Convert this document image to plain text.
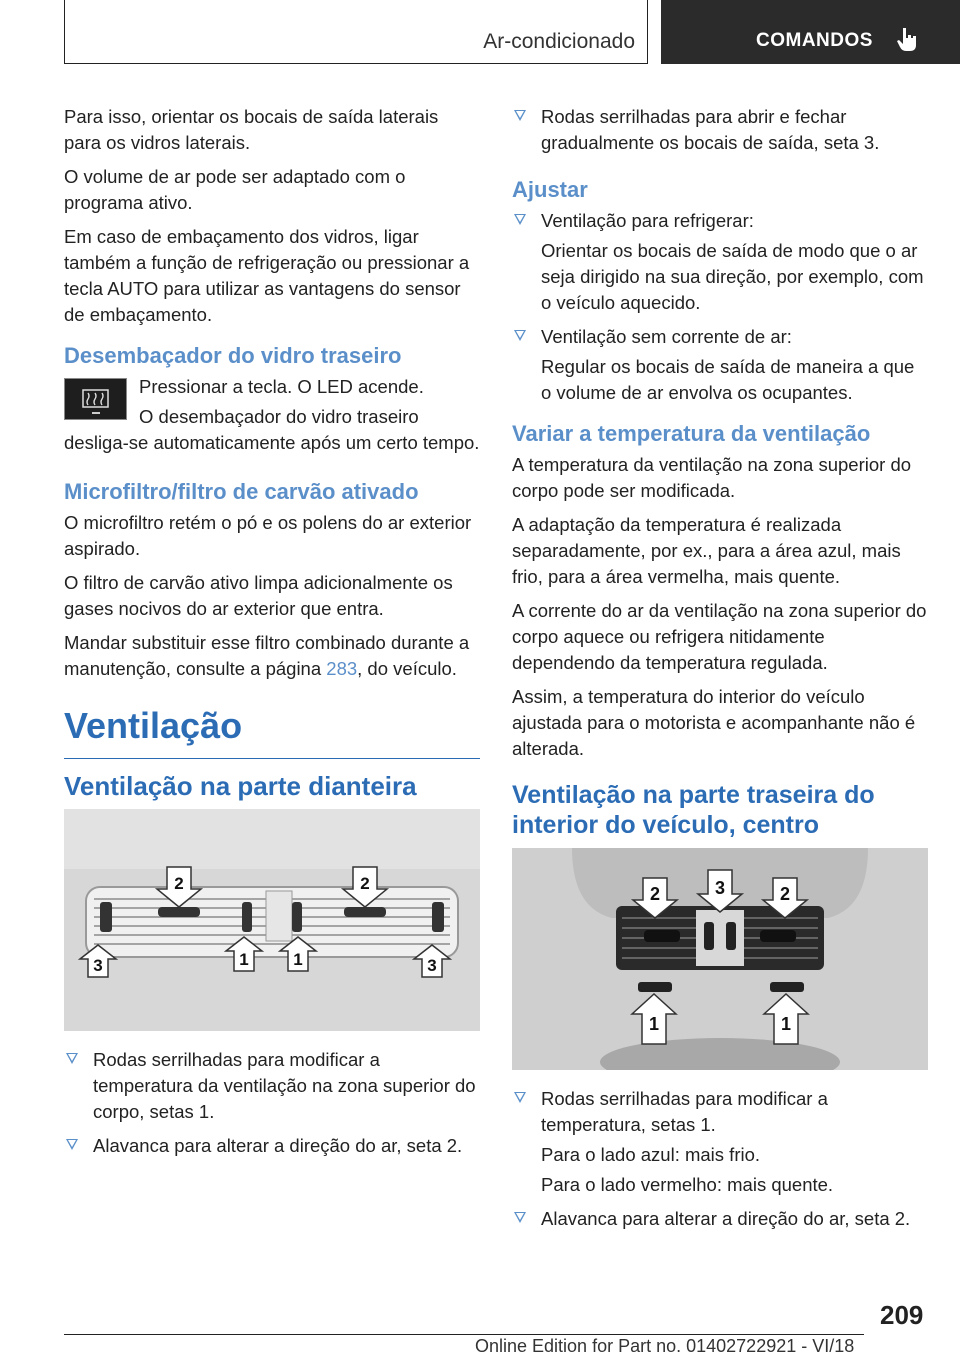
Ar-condicionado	COMANDOS

Para isso, orientar os bocais de saída laterais para os vidros laterais.

O volume de ar pode ser adaptado com o programa ativo.

Em caso de embaçamento dos vidros, ligar também a função de refrigeração ou pressionar a tecla AUTO para utilizar as vantagens do sensor de embaçamento.

Desembaçador do vidro traseiro

Pressionar a tecla. O LED acende.

O desembaçador do vidro traseiro desliga-se automaticamente após um certo tempo.

Microfiltro/filtro de carvão ativado

O microfiltro retém o pó e os polens do ar exterior aspirado.

O filtro de carvão ativo limpa adicionalmente os gases nocivos do ar exterior que entra.

Mandar substituir esse filtro combinado durante a manutenção, consulte a página 283, do veículo.

Ventilação
Ventilação na parte dianteira
2	2
3	1	1	3
Rodas serrilhadas para modificar a temperatura da ventilação na zona superior do corpo, setas 1.
Alavanca para alterar a direção do ar, seta 2.
Rodas serrilhadas para abrir e fechar gradualmente os bocais de saída, seta 3.
Ajustar
Ventilação para refrigerar:

Orientar os bocais de saída de modo que o ar seja dirigido na sua direção, por exemplo, com o veículo aquecido.

Ventilação sem corrente de ar:

Regular os bocais de saída de maneira a que o volume de ar envolva os ocupantes.

Variar a temperatura da ventilação

A temperatura da ventilação na zona superior do corpo pode ser modificada.

A adaptação da temperatura é realizada separadamente, por ex., para a área azul, mais frio, para a área vermelha, mais quente.

A corrente do ar da ventilação na zona superior do corpo aquece ou refrigera nitidamente dependendo da temperatura regulada.

Assim, a temperatura do interior do veículo ajustada para o motorista e acompanhante não é alterada.

Ventilação na parte traseira do interior do veículo, centro
2	3	2
1	1
Rodas serrilhadas para modificar a temperatura, setas 1.

Para o lado azul: mais frio.

Para o lado vermelho: mais quente.

Alavanca para alterar a direção do ar, seta 2.
209
Online Edition for Part no. 01402722921 - VI/18
